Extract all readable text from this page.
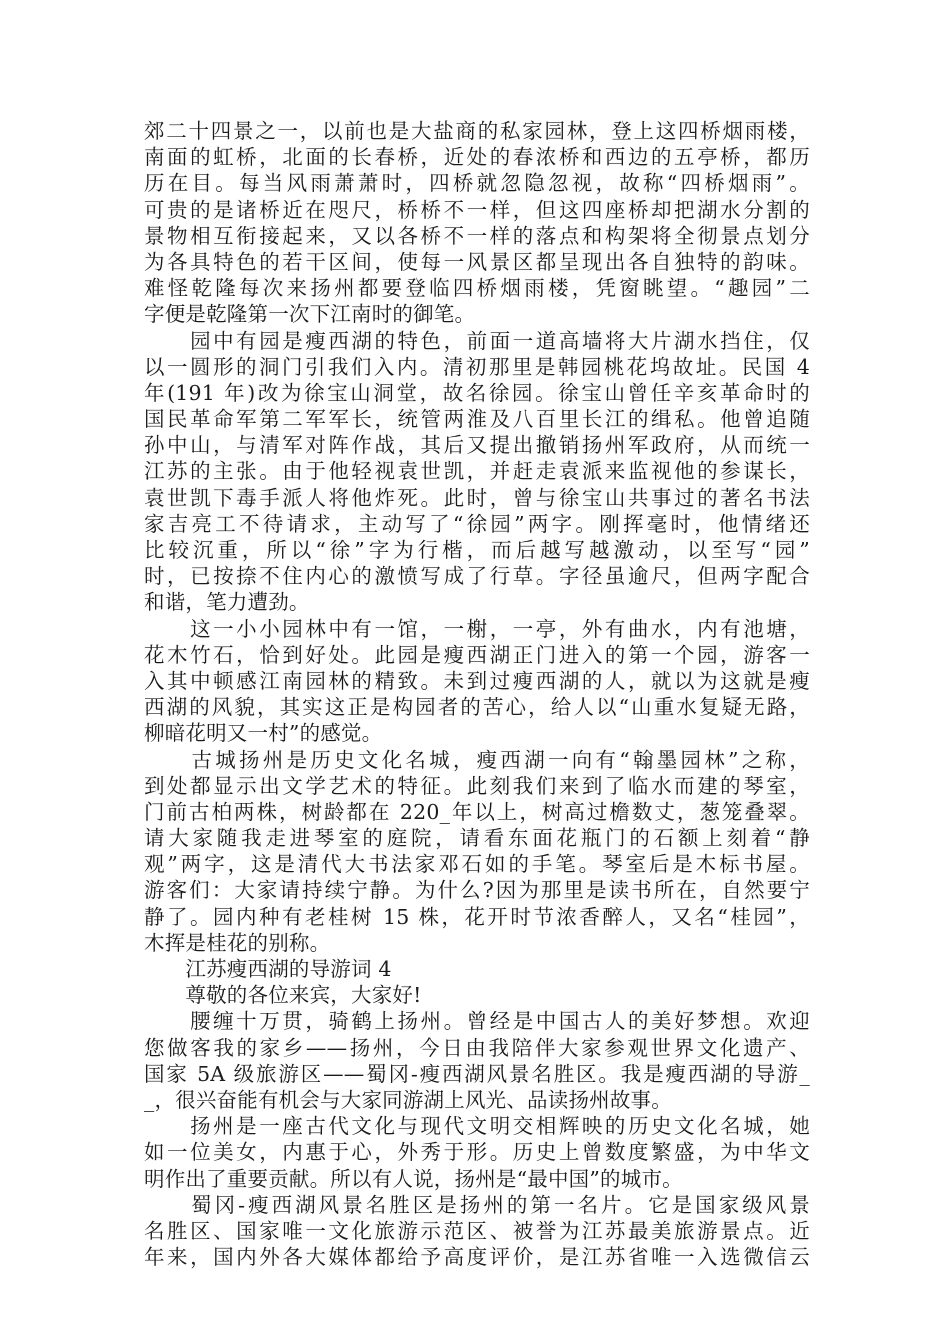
郊二十四景之一，以前也是大盐商的私家园林，登上这四桥烟雨楼，
南面的虹桥，北面的长春桥，近处的春浓桥和西边的五亭桥，都历
历在目。每当风雨萧萧时，四桥就忽隐忽视，故称“四桥烟雨”。
可贵的是诸桥近在咫尺，桥桥不一样，但这四座桥却把湖水分割的
景物相互衔接起来，又以各桥不一样的落点和构架将全彻景点划分
为各具特色的若干区间，使每一风景区都呈现出各自独特的韵味。
难怪乾隆每次来扬州都要登临四桥烟雨楼，凭窗眺望。“趣园”二
字便是乾隆第一次下江南时的御笔。
　　园中有园是瘦西湖的特色，前面一道高墙将大片湖水挡住，仅
以一圆形的洞门引我们入内。清初那里是韩园桃花坞故址。民国 4
年(191 年)改为徐宝山洞堂，故名徐园。徐宝山曾任辛亥革命时的
国民革命军第二军军长，统管两淮及八百里长江的缉私。他曾追随
孙中山，与清军对阵作战，其后又提出撤销扬州军政府，从而统一
江苏的主张。由于他轻视袁世凯，并赶走袁派来监视他的参谋长，
袁世凯下毒手派人将他炸死。此时，曾与徐宝山共事过的著名书法
家吉亮工不待请求，主动写了“徐园”两字。刚挥毫时，他情绪还
比较沉重，所以“徐”字为行楷，而后越写越激动，以至写“园”
时，已按捺不住内心的激愤写成了行草。字径虽逾尺，但两字配合
和谐，笔力遭劲。
　　这一小小园林中有一馆，一榭，一亭，外有曲水，内有池塘，
花木竹石，恰到好处。此园是瘦西湖正门进入的第一个园，游客一
入其中顿感江南园林的精致。未到过瘦西湖的人，就以为这就是瘦
西湖的风貌，其实这正是构园者的苦心，给人以“山重水复疑无路，
柳暗花明又一村”的感觉。
　　古城扬州是历史文化名城，瘦西湖一向有“翰墨园林”之称，
到处都显示出文学艺术的特征。此刻我们来到了临水而建的琴室，
门前古柏两株，树龄都在 220_年以上，树高过檐数丈，葱笼叠翠。
请大家随我走进琴室的庭院，请看东面花瓶门的石额上刻着“静
观”两字，这是清代大书法家邓石如的手笔。琴室后是木标书屋。
游客们：大家请持续宁静。为什么?因为那里是读书所在，自然要宁
静了。园内种有老桂树 15 株，花开时节浓香醉人，又名“桂园”，
木挥是桂花的别称。
　　江苏瘦西湖的导游词 4
　　尊敬的各位来宾，大家好!
　　腰缠十万贯，骑鹤上扬州。曾经是中国古人的美好梦想。欢迎
您做客我的家乡——扬州，今日由我陪伴大家参观世界文化遗产、
国家 5A 级旅游区——蜀冈-瘦西湖风景名胜区。我是瘦西湖的导游_
_，很兴奋能有机会与大家同游湖上风光、品读扬州故事。
　　扬州是一座古代文化与现代文明交相辉映的历史文化名城，她
如一位美女，内惠于心，外秀于形。历史上曾数度繁盛，为中华文
明作出了重要贡献。所以有人说，扬州是“最中国”的城市。
　　蜀冈-瘦西湖风景名胜区是扬州的第一名片。它是国家级风景
名胜区、国家唯一文化旅游示范区、被誉为江苏最美旅游景点。近
年来，国内外各大媒体都给予高度评价，是江苏省唯一入选微信云
